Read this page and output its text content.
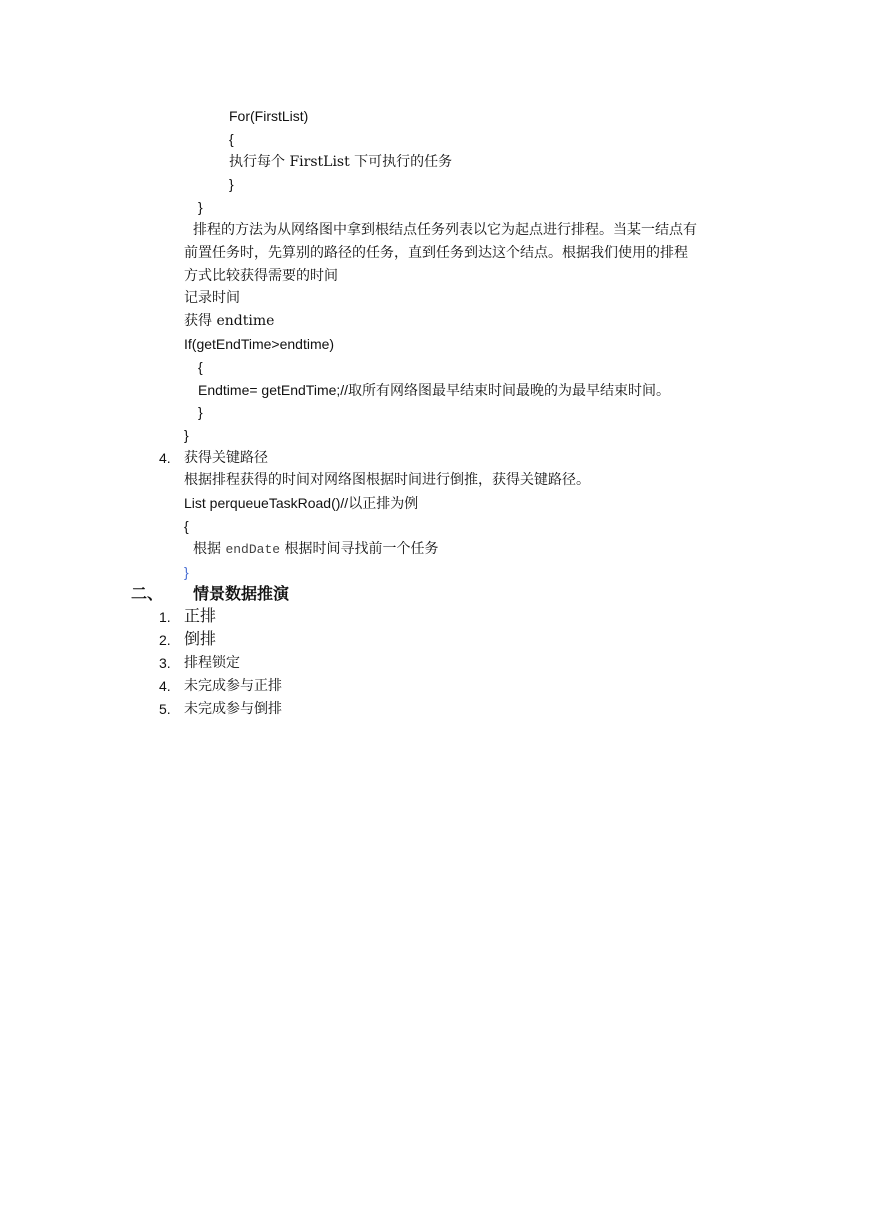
For(FirstList)
{
执行每个 FirstList 下可执行的任务
}
}
排程的方法为从网络图中拿到根结点任务列表以它为起点进行排程。当某一结点有
前置任务时，先算别的路径的任务，直到任务到达这个结点。根据我们使用的排程
方式比较获得需要的时间
记录时间
获得 endtime
If(getEndTime>endtime)
{
Endtime= getEndTime;//取所有网络图最早结束时间最晚的为最早结束时间。
}
}
4. 获得关键路径
根据排程获得的时间对网络图根据时间进行倒推，获得关键路径。
List perqueueTaskRoad()//以正排为例
{
根据 endDate 根据时间寻找前一个任务
}
二、 情景数据推演
1. 正排
2. 倒排
3. 排程锁定
4. 未完成参与正排
5. 未完成参与倒排
